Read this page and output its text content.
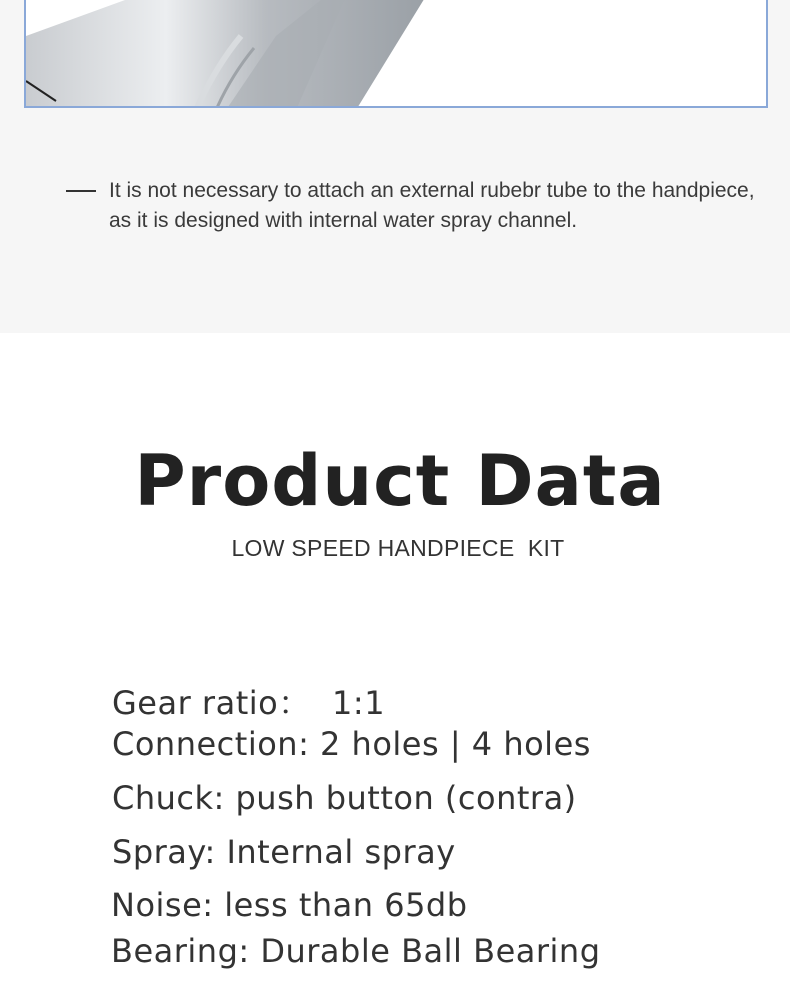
It is not necessary to attach an external rubebr tube to the handpiece, as it is designed with internal water spray channel.
Product Data
LOW SPEED HANDPIECE  KIT
Gear ratio：  1:1
Connection: 2 holes | 4 holes
Chuck: push button (contra)
Spray: Internal spray
Noise: less than 65db
Bearing: Durable Ball Bearing
